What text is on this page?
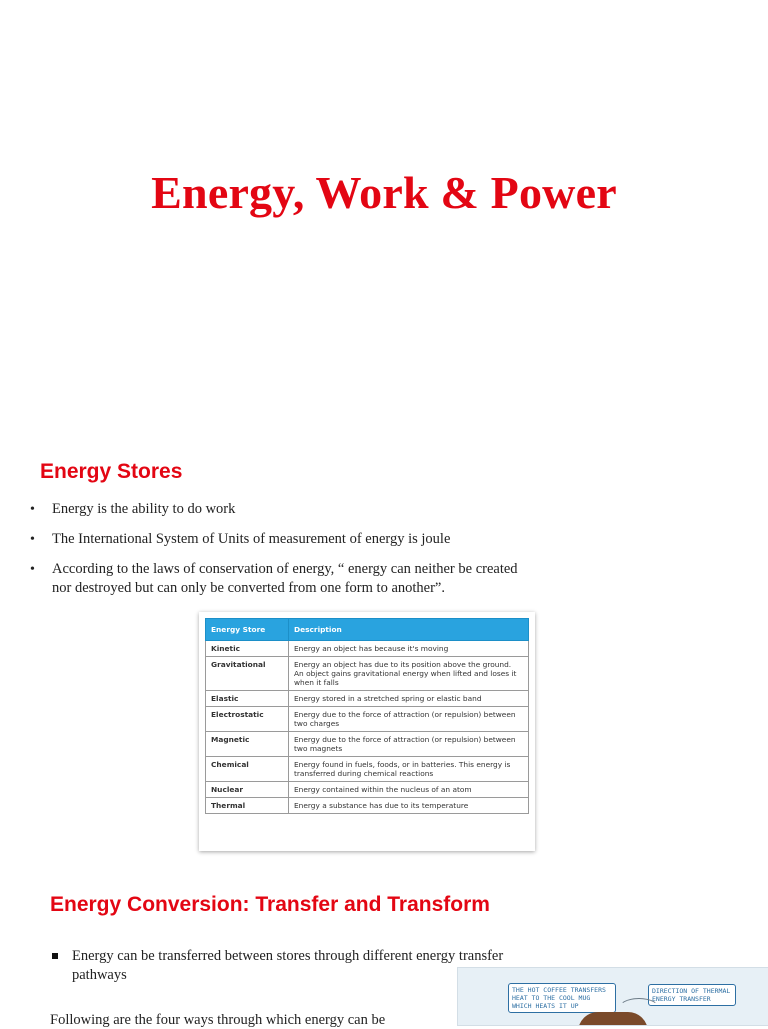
Energy, Work & Power
Energy Stores
• Energy is the ability to do work
• The International System of Units of measurement of energy is joule
• According to the laws of conservation of energy, “ energy can neither be created nor destroyed but can only be converted from one form to another”.
Energy Store	Description
Kinetic	Energy an object has because it's moving
Gravitational	Energy an object has due to its position above the ground. An object gains gravitational energy when lifted and loses it when it falls
Elastic	Energy stored in a stretched spring or elastic band
Electrostatic	Energy due to the force of attraction (or repulsion) between two charges
Magnetic	Energy due to the force of attraction (or repulsion) between two magnets
Chemical	Energy found in fuels, foods, or in batteries. This energy is transferred during chemical reactions
Nuclear	Energy contained within the nucleus of an atom
Thermal	Energy a substance has due to its temperature
Energy Conversion: Transfer and Transform
Energy can be transferred between stores through different energy transfer pathways
Following are the four ways through which energy can be
THE HOT COFFEE TRANSFERS HEAT TO THE COOL MUG WHICH HEATS IT UP
DIRECTION OF THERMAL ENERGY TRANSFER
